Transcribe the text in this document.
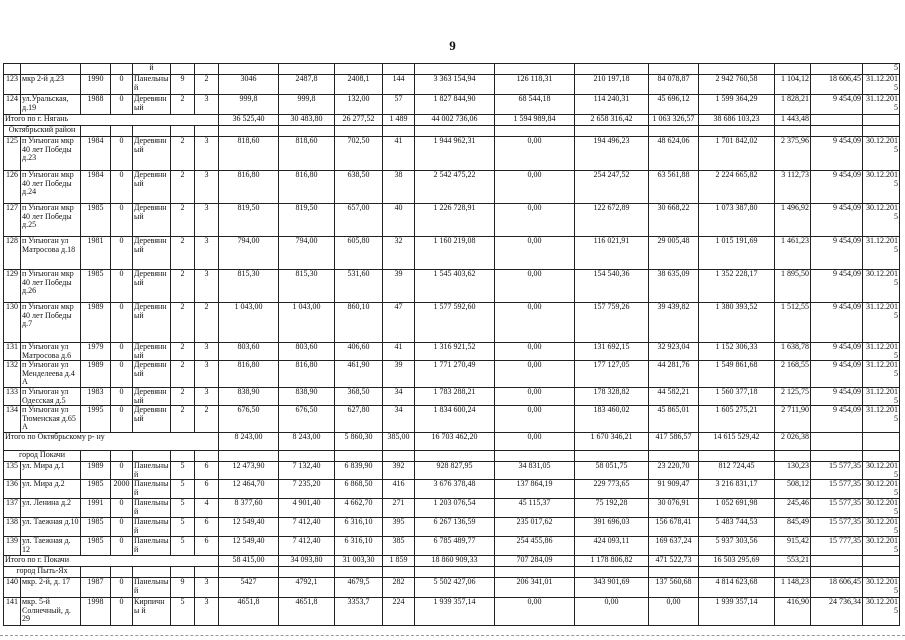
9
				й														5
123	мкр 2-й д.23	1990	0	Панельны й	9	2	3046	2487,8	2408,1	144	3 363 154,94	126 118,31	210 197,18	84 078,87	2 942 760,58	1 104,12	18 606,45	31.12.201 5
124	ул.Уральская, д.19	1988	0	Деревянн ый	2	3	999,8	999,8	132,00	57	1 827 844,90	68 544,18	114 240,31	45 696,12	1 599 364,29	1 828,21	9 454,09	31.12.201 5
Итого по г. Нягань							36 525,40	30 483,80	26 277,52	1 489	44 002 736,06	1 594 989,84	2 658 316,42	1 063 326,57	38 686 103,23	1 443,48		
Октябрьский район																		
125	п Унъюган мкр 40 лет Победы д.23	1984	0	Деревянн ый	2	3	818,60	818,60	702,50	41	1 944 962,31	0,00	194 496,23	48 624,06	1 701 842,02	2 375,96	9 454,09	30.12.201 5
126	п Унъюган мкр 40 лет Победы д.24	1984	0	Деревянн ый	2	3	816,80	816,80	638,50	38	2 542 475,22	0,00	254 247,52	63 561,88	2 224 665,82	3 112,73	9 454,09	30.12.201 5
127	п Унъюган мкр 40 лет Победы д.25	1985	0	Деревянн ый	2	3	819,50	819,50	657,00	40	1 226 728,91	0,00	122 672,89	30 668,22	1 073 387,80	1 496,92	9 454,09	30.12.201 5
128	п Унъюган ул Матросова д.18	1981	0	Деревянн ый	2	3	794,00	794,00	605,80	32	1 160 219,08	0,00	116 021,91	29 005,48	1 015 191,69	1 461,23	9 454,09	31.12.201 5
129	п Унъюган мкр 40 лет Победы д.26	1985	0	Деревянн ый	2	3	815,30	815,30	531,60	39	1 545 403,62	0,00	154 540,36	38 635,09	1 352 228,17	1 895,50	9 454,09	30.12.201 5
130	п Унъюган мкр 40 лет Победы д.7	1989	0	Деревянн ый	2	2	1 043,00	1 043,00	860,10	47	1 577 592,60	0,00	157 759,26	39 439,82	1 380 393,52	1 512,55	9 454,09	31.12.201 5
131	п Унъюган ул Матросова д.6	1979	0	Деревянн ый	2	3	803,60	803,60	406,60	41	1 316 921,52	0,00	131 692,15	32 923,04	1 152 306,33	1 638,78	9 454,09	31.12.201 5
132	п Унъюган ул Менделеева д.4 А	1989	0	Деревянн ый	2	3	816,80	816,80	461,90	39	1 771 270,49	0,00	177 127,05	44 281,76	1 549 861,68	2 168,55	9 454,09	31.12.201 5
133	п Унъюган ул Одесская д.5	1983	0	Деревянн ый	2	3	838,90	838,90	368,50	34	1 783 288,21	0,00	178 328,82	44 582,21	1 560 377,18	2 125,75	9 454,09	31.12.201 5
134	п Унъюган ул Тюменская д.65 А	1995	0	Деревянн ый	2	2	676,50	676,50	627,80	34	1 834 600,24	0,00	183 460,02	45 865,01	1 605 275,21	2 711,90	9 454,09	31.12.201 5
Итого по Октябрьскому р- ну							8 243,00	8 243,00	5 860,30	385,00	16 703 462,20	0,00	1 670 346,21	417 586,57	14 615 529,42	2 026,38		
город Покачи																		
135	ул. Мира д.1	1989	0	Панельны й	5	6	12 473,90	7 132,40	6 839,90	392	928 827,95	34 831,05	58 051,75	23 220,70	812 724,45	130,23	15 577,35	30.12.201 5
136	ул. Мира д.2	1985	2000	Панельны й	5	6	12 464,70	7 235,20	6 868,50	416	3 676 378,48	137 864,19	229 773,65	91 909,47	3 216 831,17	508,12	15 577,35	30.12.201 5
137	ул. Ленина д.2	1991	0	Панельны й	5	4	8 377,60	4 901,40	4 662,70	271	1 203 076,54	45 115,37	75 192,28	30 076,91	1 052 691,98	245,46	15 577,35	30.12.201 5
138	ул. Таежная д.10	1985	0	Панельны й	5	6	12 549,40	7 412,40	6 316,10	395	6 267 136,59	235 017,62	391 696,03	156 678,41	5 483 744,53	845,49	15 577,35	30.12.201 5
139	ул. Таежная д. 12	1985	0	Панельны й	5	6	12 549,40	7 412,40	6 316,10	385	6 785 489,77	254 455,86	424 093,11	169 637,24	5 937 303,56	915,42	15 777,35	30.12.201 5
Итого по г. Покачи							58 415,00	34 093,80	31 003,30	1 859	18 860 909,33	707 284,09	1 178 806,82	471 522,73	16 503 295,69	553,21		
город Пыть-Ях																		
140	мкр. 2-й, д. 17	1987	0	Панельны й	9	3	5427	4792,1	4679,5	282	5 502 427,06	206 341,01	343 901,69	137 560,68	4 814 623,68	1 148,23	18 606,45	30.12.201 5
141	мкр. 5-й Солнечный, д. 29	1998	0	Кирпичны й	5	3	4651,8	4651,8	3353,7	224	1 939 357,14	0,00	0,00	0,00	1 939 357,14	416,90	24 736,34	30.12.201 5
